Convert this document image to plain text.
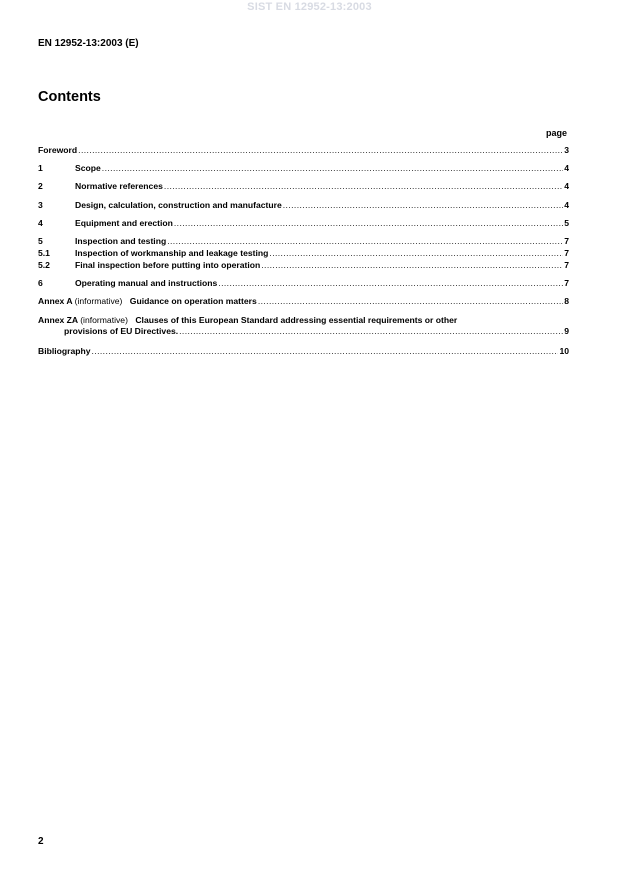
SIST EN 12952-13:2003
EN 12952-13:2003 (E)
Contents
page
Foreword .....	3
1	Scope .....	4
2	Normative references .....	4
3	Design, calculation, construction and manufacture .....	4
4	Equipment and erection .....	5
5	Inspection and testing .....	7
5.1	Inspection of workmanship and leakage testing .....	7
5.2	Final inspection before putting into operation .....	7
6	Operating manual and instructions .....	7
Annex A (informative) Guidance on operation matters .....	8
Annex ZA (informative) Clauses of this European Standard addressing essential requirements or other
provisions of EU Directives. .....	9
Bibliography .....	10
2
